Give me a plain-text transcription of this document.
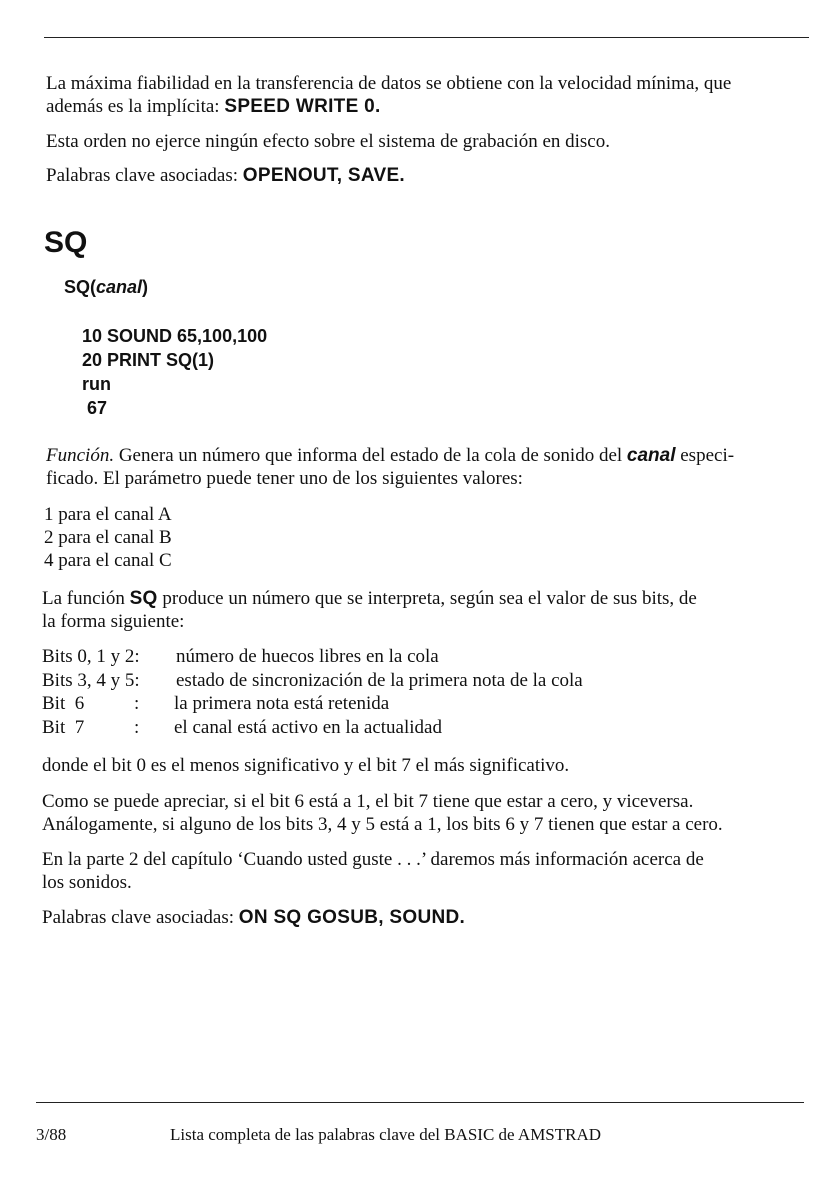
La máxima fiabilidad en la transferencia de datos se obtiene con la velocidad mínima, que
además es la implícita: SPEED WRITE 0.

Esta orden no ejerce ningún efecto sobre el sistema de grabación en disco.

Palabras clave asociadas: OPENOUT, SAVE.

SQ
SQ(canal)
10 SOUND 65,100,100
20 PRINT SQ(1)
run
67

Función. Genera un número que informa del estado de la cola de sonido del canal especi-
ficado. El parámetro puede tener uno de los siguientes valores:

1 para el canal A
2 para el canal B
4 para el canal C

La función SQ produce un número que se interpreta, según sea el valor de sus bits, de
la forma siguiente:

Bits 0, 1 y 2:	número de huecos libres en la cola
Bits 3, 4 y 5:	estado de sincronización de la primera nota de la cola
Bit  6	:	la primera nota está retenida
Bit  7	:	el canal está activo en la actualidad

donde el bit 0 es el menos significativo y el bit 7 el más significativo.

Como se puede apreciar, si el bit 6 está a 1, el bit 7 tiene que estar a cero, y viceversa.
Análogamente, si alguno de los bits 3, 4 y 5 está a 1, los bits 6 y 7 tienen que estar a cero.

En la parte 2 del capítulo ‘Cuando usted guste . . .’ daremos más información acerca de
los sonidos.

Palabras clave asociadas: ON SQ GOSUB, SOUND.

3/88	Lista completa de las palabras clave del BASIC de AMSTRAD
